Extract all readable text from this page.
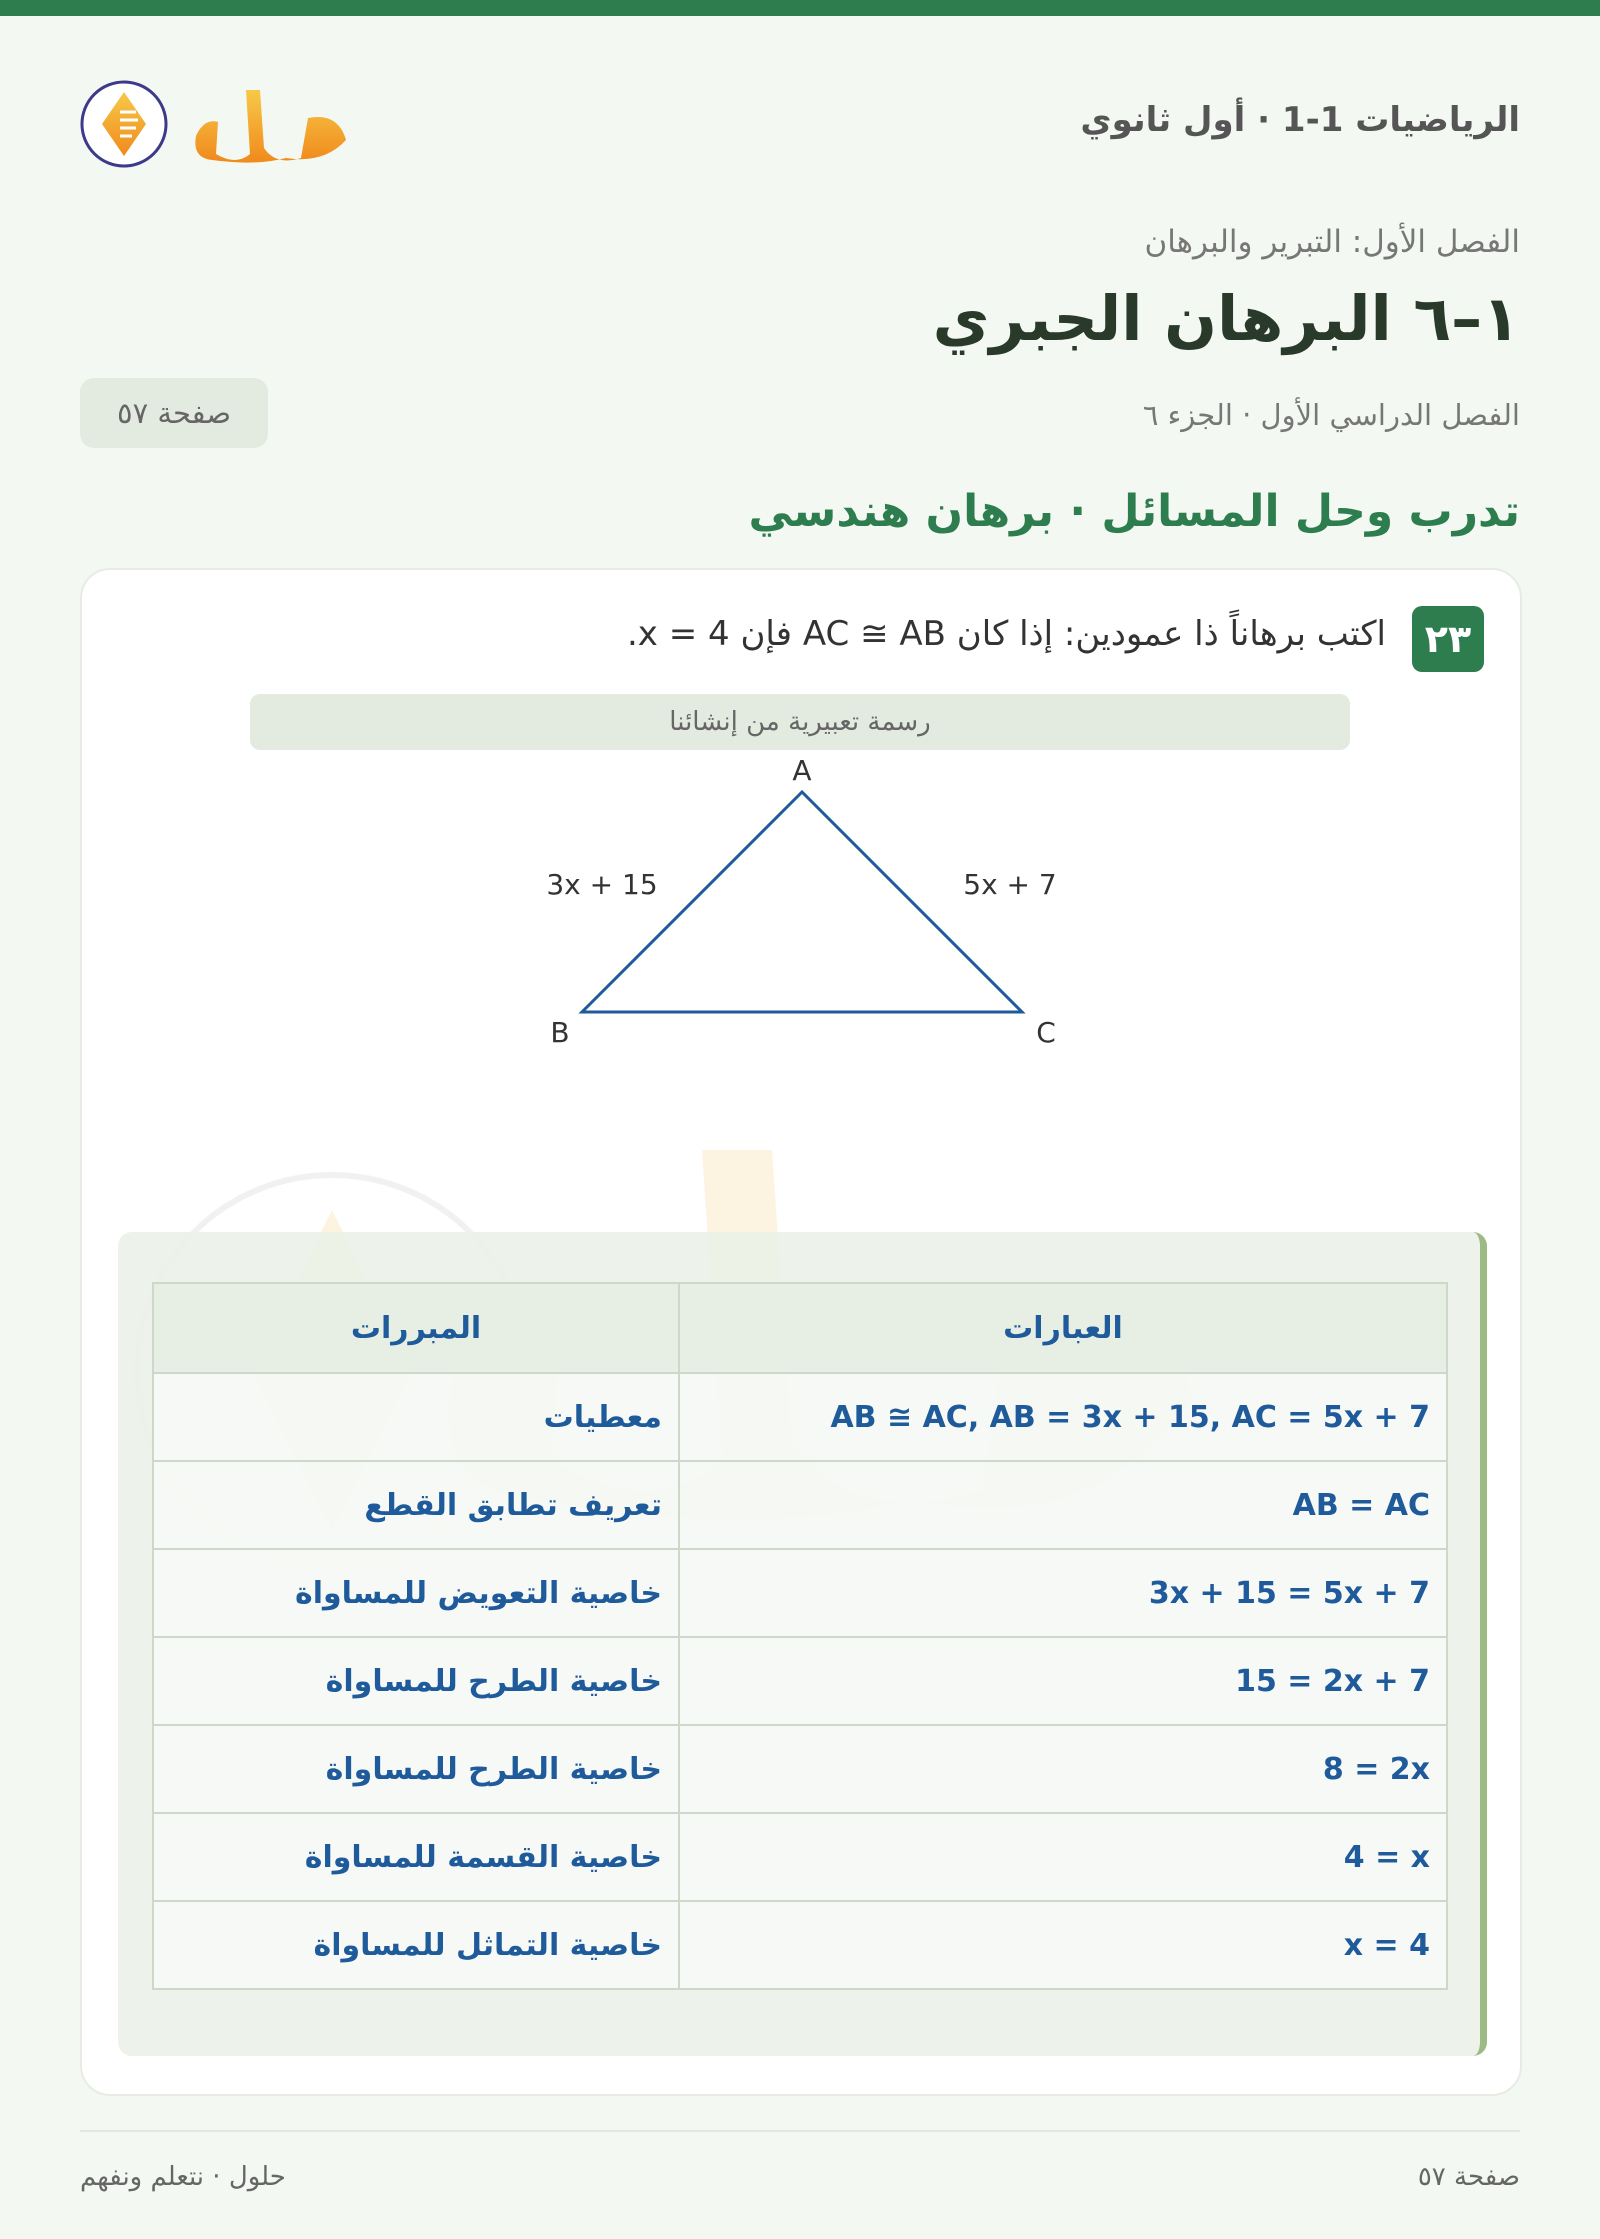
الرياضيات 1-1 · أول ثانوي
الفصل الأول: التبرير والبرهان
١–٦ البرهان الجبري
الفصل الدراسي الأول · الجزء ٦
صفحة ٥٧
تدرب وحل المسائل · برهان هندسي
٢٣
اكتب برهاناً ذا عمودين: إذا كان AC ≅ AB فإن x = 4.
رسمة تعبيرية من إنشائنا
A
B	C
3x + 15	5x + 7
العبارات	المبررات
AB ≅ AC, AB = 3x + 15, AC = 5x + 7	معطيات
AB = AC	تعريف تطابق القطع
3x + 15 = 5x + 7	خاصية التعويض للمساواة
15 = 2x + 7	خاصية الطرح للمساواة
8 = 2x	خاصية الطرح للمساواة
4 = x	خاصية القسمة للمساواة
x = 4	خاصية التماثل للمساواة
صفحة ٥٧
حلول · نتعلم ونفهم
